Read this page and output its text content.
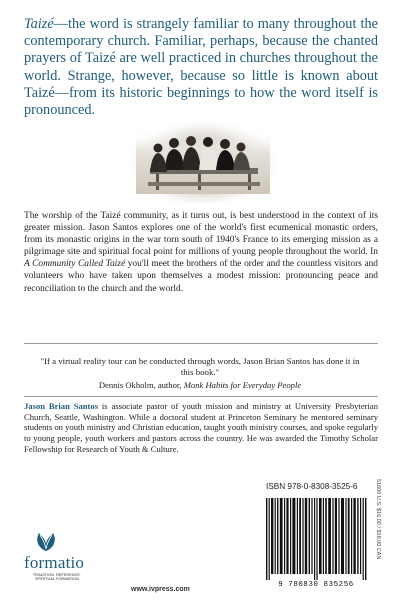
Taizé—the word is strangely familiar to many throughout the contemporary church. Familiar, perhaps, because the chanted prayers of Taizé are well practiced in churches throughout the world. Strange, however, because so little is known about Taizé—from its historic beginnings to how the word itself is pronounced.
The worship of the Taizé community, as it turns out, is best understood in the context of its greater mission. Jason Santos explores one of the world's first ecumenical monastic orders, from its monastic origins in the war torn south of 1940's France to its emerging mission as a pilgrimage site and spiritual focal point for millions of young people throughout the world. In A Community Called Taizé you'll meet the brothers of the order and the countless visitors and volunteers who have taken upon themselves a modest mission: pronouncing peace and reconciliation to the church and the world.
"If a virtual reality tour can be conducted through words, Jason Brian Santos has done it in this book."
Dennis Okholm, author, Monk Habits for Everyday People
Jason Brian Santos is associate pastor of youth mission and ministry at University Presbyterian Church, Seattle, Washington. While a doctoral student at Princeton Seminary he mentored seminary students on youth ministry and Christian education, taught youth ministry courses, and spoke regularly to young people, youth workers and pastors across the country. He was awarded the Timothy Scholar Fellowship for Research of Youth & Culture.
ISBN 978-0-8308-3525-6	51600 U.S. $16.00 / $18.00 CAN
9 780830 835256
formatio
TRADITION. REFERENCE.
SPIRITUAL FORMATION
www.ivpress.com
